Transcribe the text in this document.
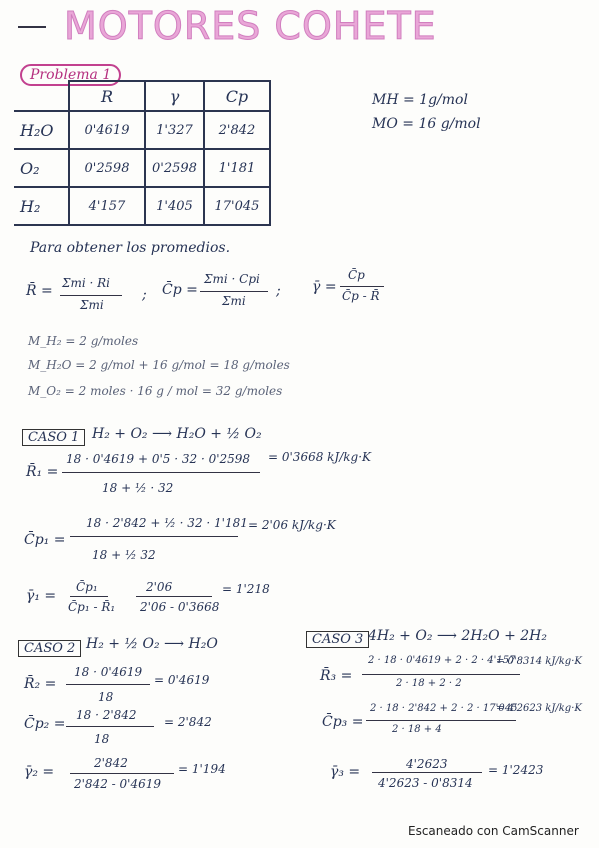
MOTORES COHETE
Problema 1
	R	γ	Cp
H₂O	0'4619	1'327	2'842
O₂	0'2598	0'2598	1'181
H₂	4'157	1'405	17'045
MH = 1g/mol
MO = 16 g/mol
Para obtener los promedios.
R̄ = Σmi · Ri
Σmi
; C̄p =
Σmi · Cpi
Σmi
; γ̄ =
C̄p
C̄p - R̄
M_H₂ = 2 g/moles
M_H₂O = 2 g/mol + 16 g/mol = 18 g/moles
M_O₂ = 2 moles · 16 g / mol = 32 g/moles
CASO 1 H₂ + O₂ ⟶ H₂O + ½ O₂
R̄₁ =
18 · 0'4619 + 0'5 · 32 · 0'2598
18 + ½ · 32
= 0'3668 kJ/kg·K
C̄p₁ =
18 · 2'842 + ½ · 32 · 1'181
18 + ½ 32
= 2'06 kJ/kg·K
γ̄₁ =
C̄p₁
C̄p₁ - R̄₁
2'06
2'06 - 0'3668
= 1'218
CASO 2 H₂ + ½ O₂ ⟶ H₂O
R̄₂ =
18 · 0'4619
18
= 0'4619
C̄p₂ =
18 · 2'842
18
= 2'842
γ̄₂ =
2'842
2'842 - 0'4619
= 1'194
CASO 3 4H₂ + O₂ ⟶ 2H₂O + 2H₂
R̄₃ =
2 · 18 · 0'4619 + 2 · 2 · 4'157
2 · 18 + 2 · 2
= 0'8314 kJ/kg·K
C̄p₃ =
2 · 18 · 2'842 + 2 · 2 · 17'045
2 · 18 + 4
= 4'2623 kJ/kg·K
γ̄₃ =	4'2623
4'2623 - 0'8314
= 1'2423
Escaneado con CamScanner
